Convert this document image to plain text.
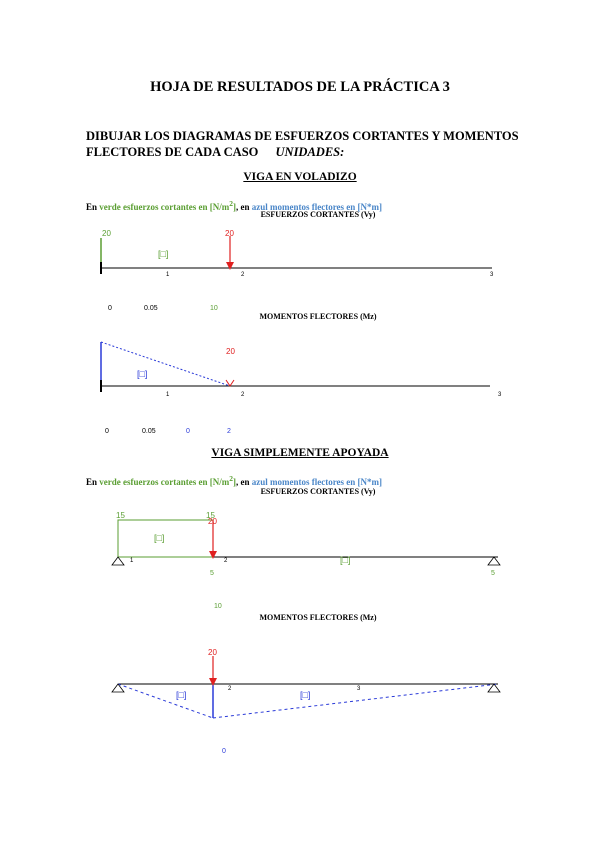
HOJA DE RESULTADOS DE LA PRÁCTICA 3
DIBUJAR LOS DIAGRAMAS DE ESFUERZOS CORTANTES Y MOMENTOS FLECTORES DE CADA CASO UNIDADES:
VIGA EN VOLADIZO
En verde esfuerzos cortantes en $[N/m^2]$, en azul momentos flectores en [N*m]
ESFUERZOS CORTANTES (Vy)
20	20
[□]
1	2	3
0	0.05	10
20
[□]
1	2	3
0	0.05	0	2
15	15
20
[□]
[□]
5	5
1	2
10
20
[□]	[□]
2	3
0
MOMENTOS FLECTORES (Mz)
VIGA SIMPLEMENTE APOYADA
En verde esfuerzos cortantes en $[N/m^2]$, en azul momentos flectores en [N*m]
ESFUERZOS CORTANTES (Vy)
MOMENTOS FLECTORES (Mz)
